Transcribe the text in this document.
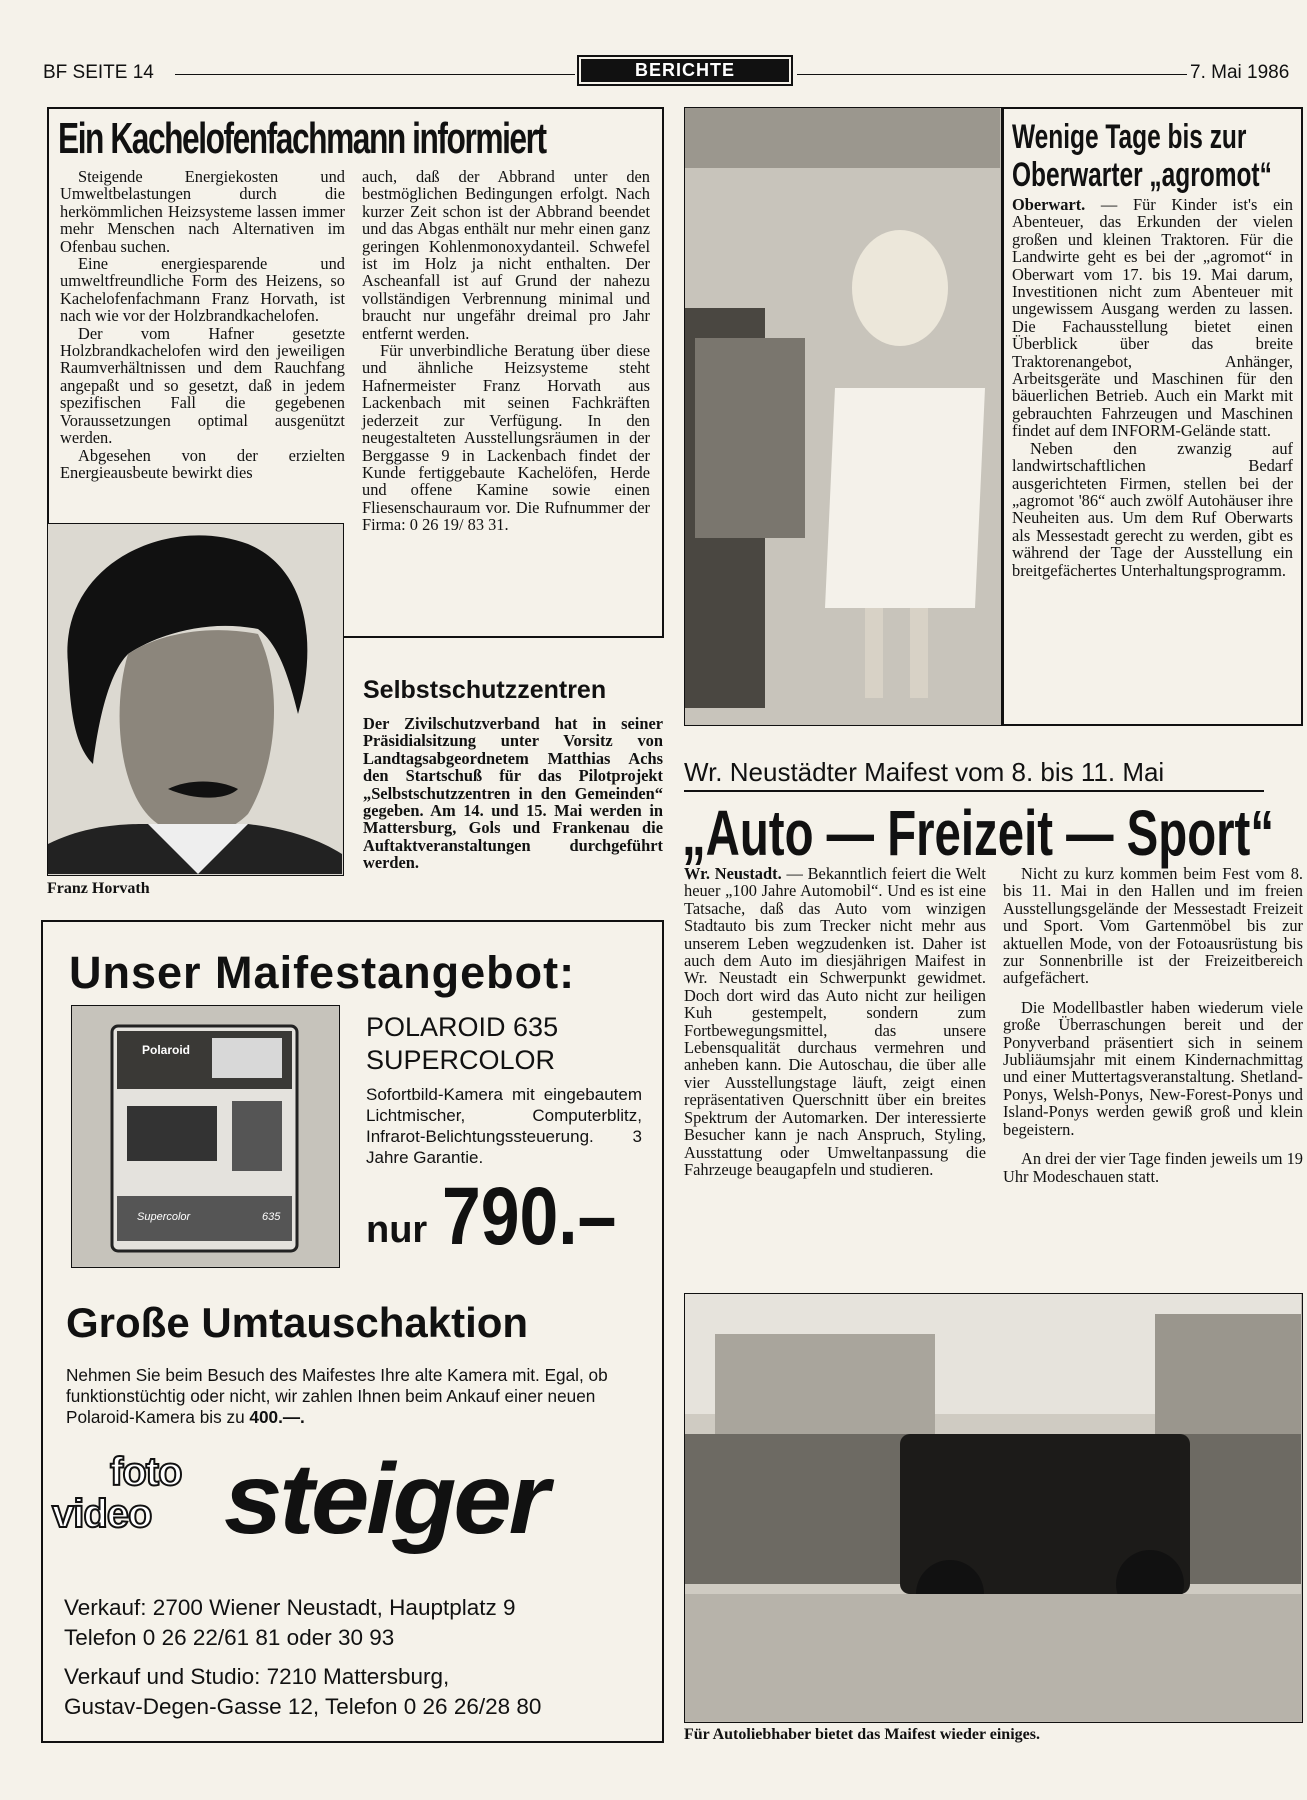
BF SEITE 14	BERICHTE	7. Mai 1986
Ein Kachelofenfachmann informiert

Steigende Energiekosten und Umweltbelastungen durch die herkömmlichen Heizsysteme lassen immer mehr Menschen nach Alternativen im Ofenbau suchen.

Eine energiesparende und umweltfreundliche Form des Heizens, so Kachelofenfachmann Franz Horvath, ist nach wie vor der Holzbrandkachelofen.

Der vom Hafner gesetzte Holzbrandkachelofen wird den jeweiligen Raumverhältnissen und dem Rauchfang angepaßt und so gesetzt, daß in jedem spezifischen Fall die gegebenen Voraussetzungen optimal ausgenützt werden.

Abgesehen von der erzielten Energieausbeute bewirkt dies

auch, daß der Abbrand unter den bestmöglichen Bedingungen erfolgt. Nach kurzer Zeit schon ist der Abbrand beendet und das Abgas enthält nur mehr einen ganz geringen Kohlenmonoxydanteil. Schwefel ist im Holz ja nicht enthalten. Der Ascheanfall ist auf Grund der nahezu vollständigen Verbrennung minimal und braucht nur ungefähr dreimal pro Jahr entfernt werden.

Für unverbindliche Beratung über diese und ähnliche Heizsysteme steht Hafnermeister Franz Horvath aus Lackenbach mit seinen Fachkräften jederzeit zur Verfügung. In den neugestalteten Ausstellungsräumen in der Berggasse 9 in Lackenbach findet der Kunde fertiggebaute Kachelöfen, Herde und offene Kamine sowie einen Fliesenschauraum vor. Die Rufnummer der Firma: 0 26 19/ 83 31.

Franz Horvath
Selbstschutzzentren
Der Zivilschutzverband hat in seiner Präsidialsitzung unter Vorsitz von Landtagsabgeordnetem Matthias Achs den Startschuß für das Pilotprojekt „Selbstschutzzentren in den Gemeinden“ gegeben. Am 14. und 15. Mai werden in Mattersburg, Gols und Frankenau die Auftaktveranstaltungen durchgeführt werden.
Wenige Tage bis zur
Oberwarter „agromot“

Oberwart. — Für Kinder ist's ein Abenteuer, das Erkunden der vielen großen und kleinen Traktoren. Für die Landwirte geht es bei der „agromot“ in Oberwart vom 17. bis 19. Mai darum, Investitionen nicht zum Abenteuer mit ungewissem Ausgang werden zu lassen. Die Fachausstellung bietet einen Überblick über das breite Traktorenangebot, Anhänger, Arbeitsgeräte und Maschinen für den bäuerlichen Betrieb. Auch ein Markt mit gebrauchten Fahrzeugen und Maschinen findet auf dem INFORM-Gelände statt.

Neben den zwanzig auf landwirtschaftlichen Bedarf ausgerichteten Firmen, stellen bei der „agromot '86“ auch zwölf Autohäuser ihre Neuheiten aus. Um dem Ruf Oberwarts als Messestadt gerecht zu werden, gibt es während der Tage der Ausstellung ein breitgefächertes Unterhaltungsprogramm.

Wr. Neustädter Maifest vom 8. bis 11. Mai
„Auto — Freizeit — Sport“

Wr. Neustadt. — Bekanntlich feiert die Welt heuer „100 Jahre Automobil“. Und es ist eine Tatsache, daß das Auto vom winzigen Stadtauto bis zum Trecker nicht mehr aus unserem Leben wegzudenken ist. Daher ist auch dem Auto im diesjährigen Maifest in Wr. Neustadt ein Schwerpunkt gewidmet. Doch dort wird das Auto nicht zur heiligen Kuh gestempelt, sondern zum Fortbewegungsmittel, das unsere Lebensqualität durchaus vermehren und anheben kann. Die Autoschau, die über alle vier Ausstellungstage läuft, zeigt einen repräsentativen Querschnitt über ein breites Spektrum der Automarken. Der interessierte Besucher kann je nach Anspruch, Styling, Ausstattung oder Umweltanpassung die Fahrzeuge beaugapfeln und studieren.

Nicht zu kurz kommen beim Fest vom 8. bis 11. Mai in den Hallen und im freien Ausstellungsgelände der Messestadt Freizeit und Sport. Vom Gartenmöbel bis zur aktuellen Mode, von der Fotoausrüstung bis zur Sonnenbrille ist der Freizeitbereich aufgefächert.

Die Modellbastler haben wiederum viele große Überraschungen bereit und der Ponyverband präsentiert sich in seinem Jubliäumsjahr mit einem Kindernachmittag und einer Muttertagsveranstaltung. Shetland-Ponys, Welsh-Ponys, New-Forest-Ponys und Island-Ponys werden gewiß groß und klein begeistern.

An drei der vier Tage finden jeweils um 19 Uhr Modeschauen statt.

Für Autoliebhaber bietet das Maifest wieder einiges.
Unser Maifestangebot:
Polaroid
Supercolor	635
POLAROID 635
SUPERCOLOR
Sofortbild-Kamera mit eingebautem Lichtmischer, Computerblitz, Infrarot-Belichtungssteuerung. 3 Jahre Garantie.
nur 790.–
Große Umtauschaktion
Nehmen Sie beim Besuch des Maifestes Ihre alte Kamera mit. Egal, ob funktionstüchtig oder nicht, wir zahlen Ihnen beim Ankauf einer neuen Polaroid-Kamera bis zu 400.—.
foto
video steiger
Verkauf: 2700 Wiener Neustadt, Hauptplatz 9
Telefon 0 26 22/61 81 oder 30 93
Verkauf und Studio: 7210 Mattersburg,
Gustav-Degen-Gasse 12, Telefon 0 26 26/28 80
